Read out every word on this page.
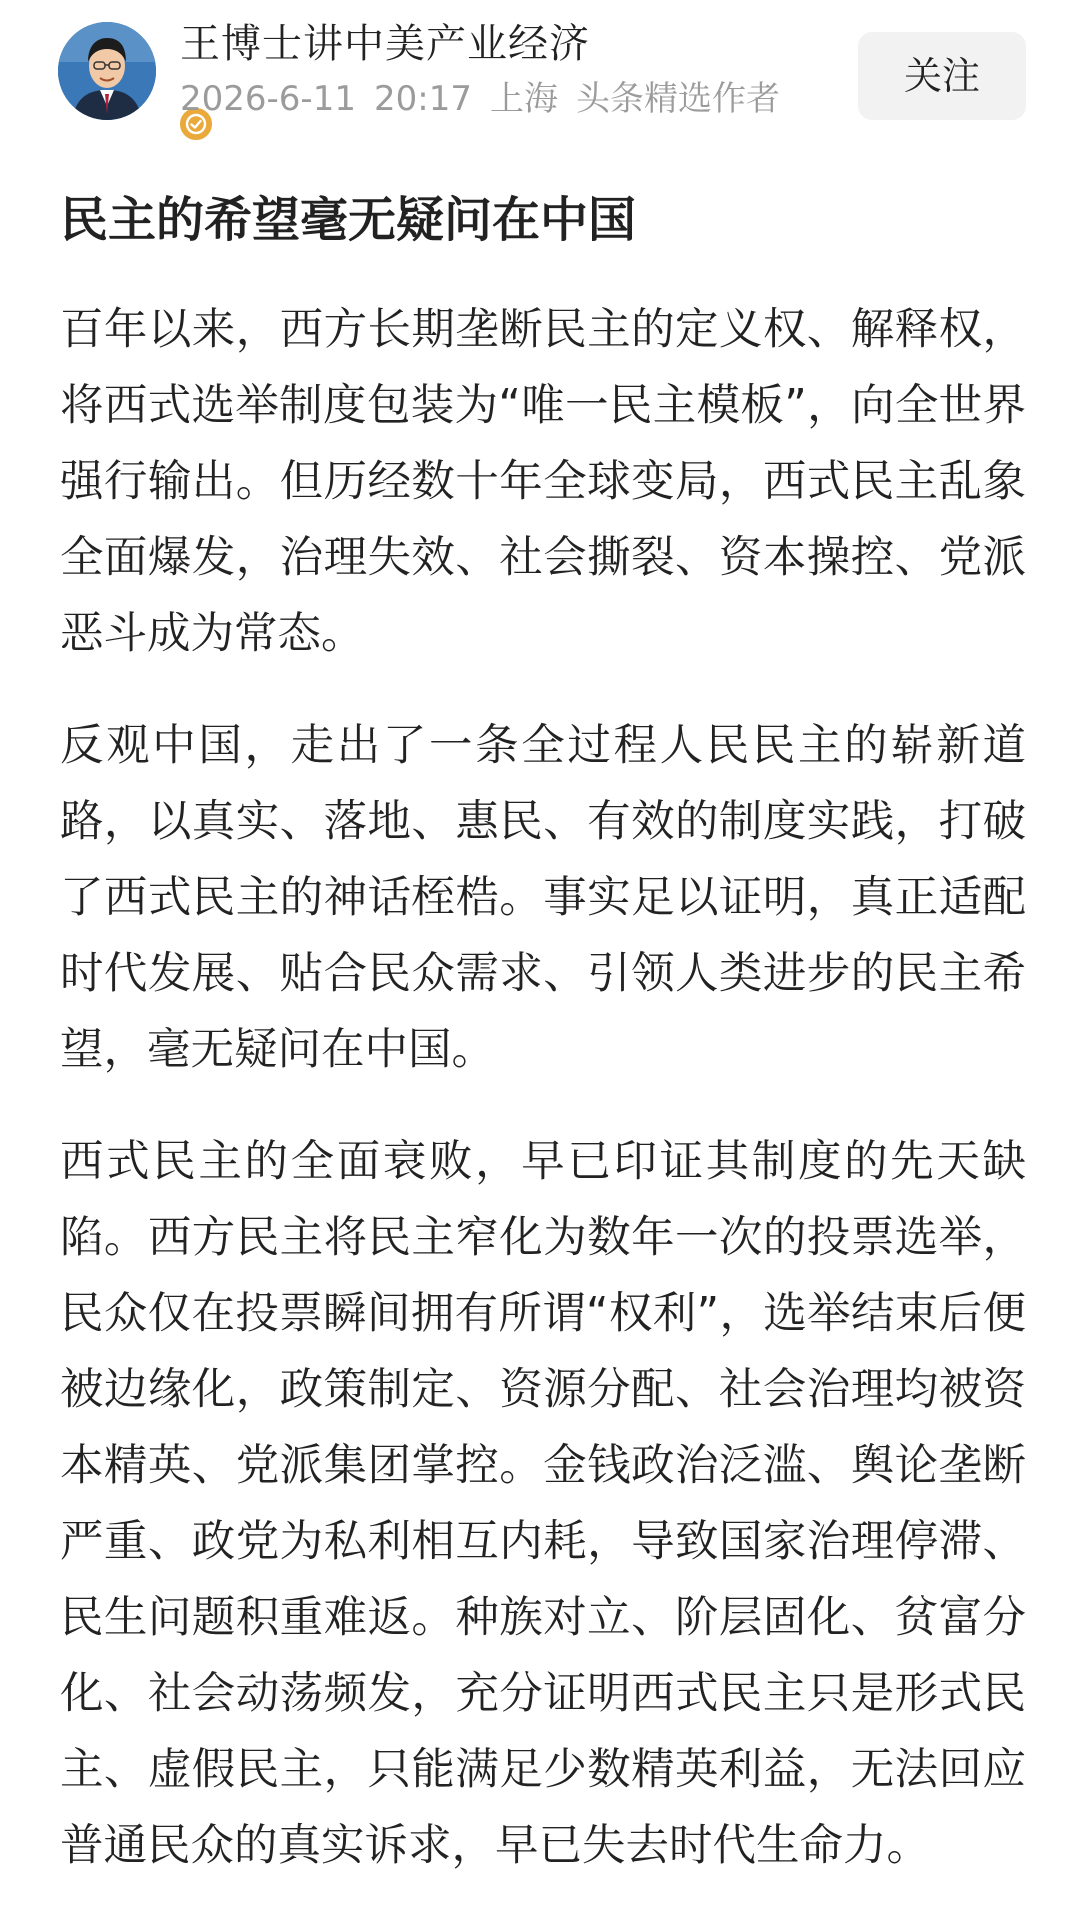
王博士讲中美产业经济
2026-6-11 20:17 上海 头条精选作者
关注
民主的希望毫无疑问在中国

百年以来，西方长期垄断民主的定义权、解释权，将西式选举制度包装为“唯一民主模板”，向全世界强行输出。但历经数十年全球变局，西式民主乱象全面爆发，治理失效、社会撕裂、资本操控、党派恶斗成为常态。

反观中国，走出了一条全过程人民民主的崭新道路，以真实、落地、惠民、有效的制度实践，打破了西式民主的神话桎梏。事实足以证明，真正适配时代发展、贴合民众需求、引领人类进步的民主希望，毫无疑问在中国。

西式民主的全面衰败，早已印证其制度的先天缺陷。西方民主将民主窄化为数年一次的投票选举，民众仅在投票瞬间拥有所谓“权利”，选举结束后便被边缘化，政策制定、资源分配、社会治理均被资本精英、党派集团掌控。金钱政治泛滥、舆论垄断严重、政党为私利相互内耗，导致国家治理停滞、民生问题积重难返。种族对立、阶层固化、贫富分化、社会动荡频发，充分证明西式民主只是形式民主、虚假民主，只能满足少数精英利益，无法回应普通民众的真实诉求，早已失去时代生命力。
